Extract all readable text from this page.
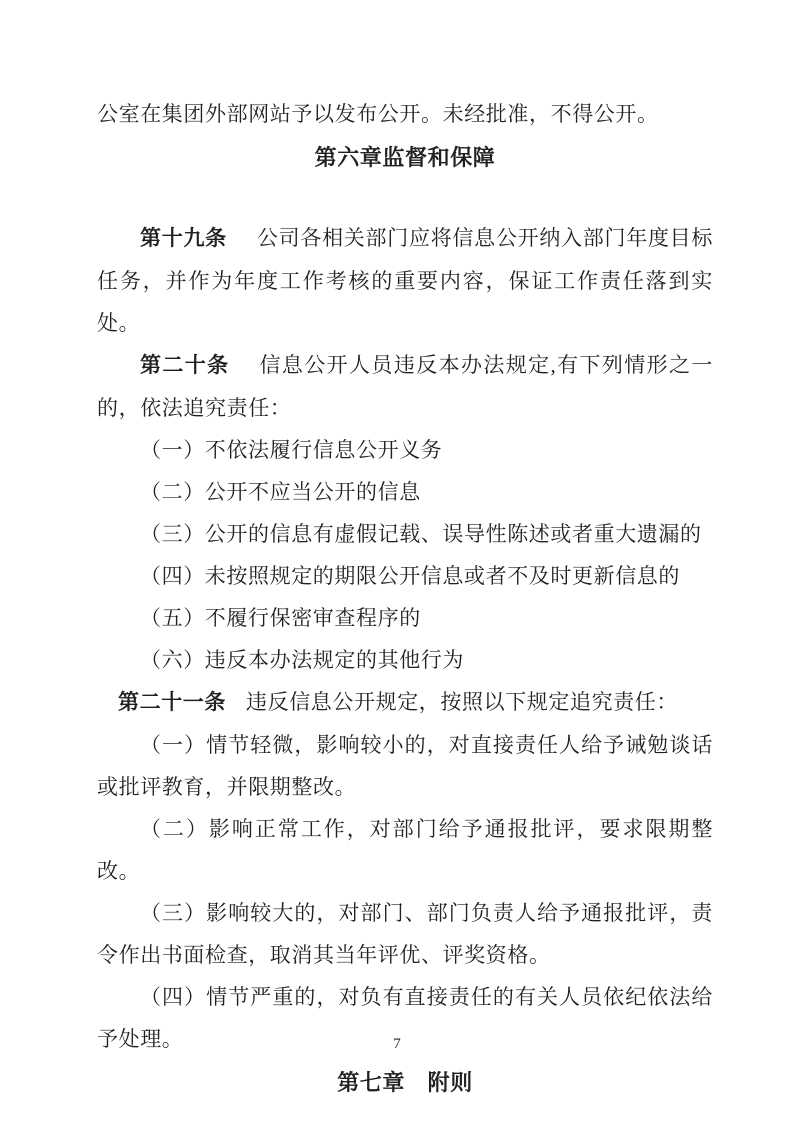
公室在集团外部网站予以发布公开。未经批准，不得公开。

第六章监督和保障

第十九条 公司各相关部门应将信息公开纳入部门年度目标任务，并作为年度工作考核的重要内容，保证工作责任落到实处。

第二十条 信息公开人员违反本办法规定,有下列情形之一的，依法追究责任：

（一）不依法履行信息公开义务

（二）公开不应当公开的信息

（三）公开的信息有虚假记载、误导性陈述或者重大遗漏的

（四）未按照规定的期限公开信息或者不及时更新信息的

（五）不履行保密审查程序的

（六）违反本办法规定的其他行为

第二十一条 违反信息公开规定，按照以下规定追究责任：

（一）情节轻微，影响较小的，对直接责任人给予诫勉谈话或批评教育，并限期整改。

（二）影响正常工作，对部门给予通报批评，要求限期整改。

（三）影响较大的，对部门、部门负责人给予通报批评，责令作出书面检查，取消其当年评优、评奖资格。

（四）情节严重的，对负有直接责任的有关人员依纪依法给予处理。

第七章　附则
7
